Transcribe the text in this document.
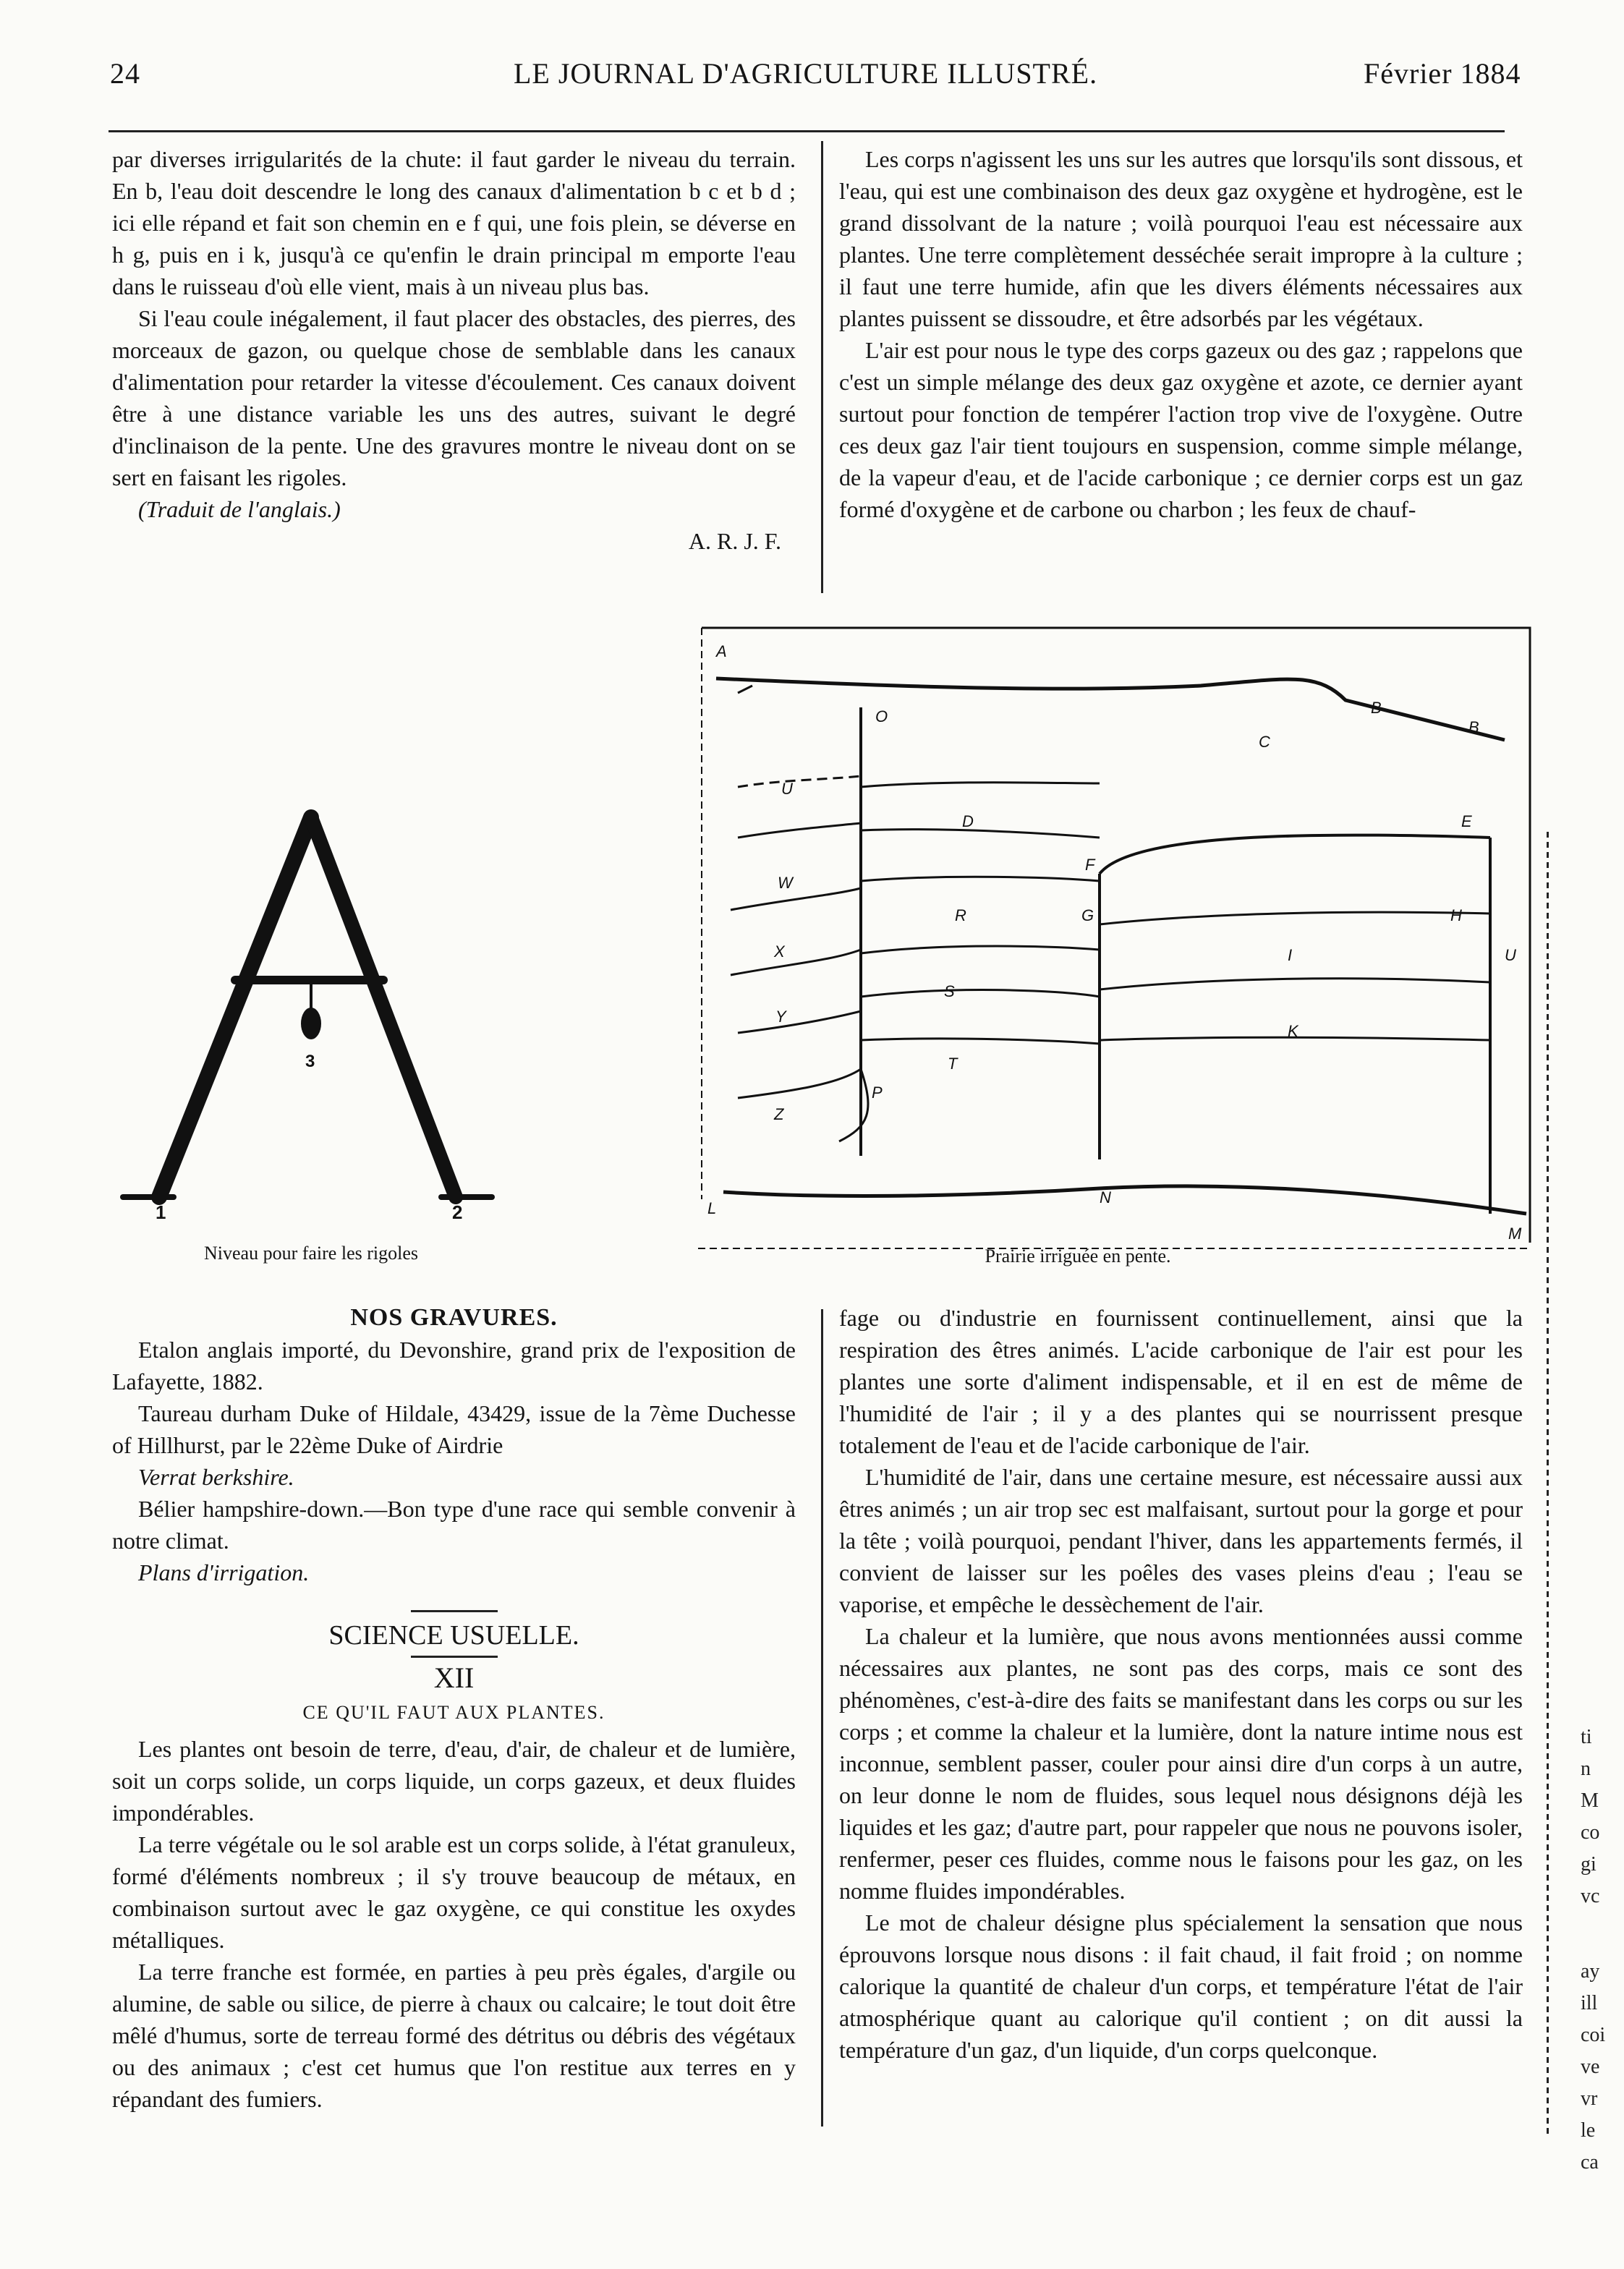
24	LE JOURNAL D'AGRICULTURE ILLUSTRÉ.	Février 1884

par diverses irrigularités de la chute: il faut garder le niveau du terrain. En b, l'eau doit descendre le long des canaux d'alimentation b c et b d ; ici elle répand et fait son chemin en e f qui, une fois plein, se déverse en h g, puis en i k, jusqu'à ce qu'enfin le drain principal m emporte l'eau dans le ruisseau d'où elle vient, mais à un niveau plus bas.

Si l'eau coule inégalement, il faut placer des obstacles, des pierres, des morceaux de gazon, ou quelque chose de semblable dans les canaux d'alimentation pour retarder la vitesse d'écoulement. Ces canaux doivent être à une distance variable les uns des autres, suivant le degré d'inclinaison de la pente. Une des gravures montre le niveau dont on se sert en faisant les rigoles.

(Traduit de l'anglais.)

A. R. J. F.

Les corps n'agissent les uns sur les autres que lorsqu'ils sont dissous, et l'eau, qui est une combinaison des deux gaz oxygène et hydrogène, est le grand dissolvant de la nature ; voilà pourquoi l'eau est nécessaire aux plantes. Une terre complètement desséchée serait impropre à la culture ; il faut une terre humide, afin que les divers éléments nécessaires aux plantes puissent se dissoudre, et être adsorbés par les végétaux.

L'air est pour nous le type des corps gazeux ou des gaz ; rappelons que c'est un simple mélange des deux gaz oxygène et azote, ce dernier ayant surtout pour fonction de tempérer l'action trop vive de l'oxygène. Outre ces deux gaz l'air tient toujours en suspension, comme simple mélange, de la vapeur d'eau, et de l'acide carbonique ; ce dernier corps est un gaz formé d'oxygène et de carbone ou charbon ; les feux de chauf-

3
1	2
Niveau pour faire les rigoles
A
O	B
C
B
U
D	E
W
F
G
R	H
X
S
I	U
Y
T
K
P
L
Z
N
M
Prairie irriguée en pente.
NOS GRAVURES.

Etalon anglais importé, du Devonshire, grand prix de l'exposition de Lafayette, 1882.

Taureau durham Duke of Hildale, 43429, issue de la 7ème Duchesse of Hillhurst, par le 22ème Duke of Airdrie

Verrat berkshire.

Bélier hampshire-down.—Bon type d'une race qui semble convenir à notre climat.

Plans d'irrigation.

SCIENCE USUELLE.
XII
CE QU'IL FAUT AUX PLANTES.

Les plantes ont besoin de terre, d'eau, d'air, de chaleur et de lumière, soit un corps solide, un corps liquide, un corps gazeux, et deux fluides impondérables.

La terre végétale ou le sol arable est un corps solide, à l'état granuleux, formé d'éléments nombreux ; il s'y trouve beaucoup de métaux, en combinaison surtout avec le gaz oxygène, ce qui constitue les oxydes métalliques.

La terre franche est formée, en parties à peu près égales, d'argile ou alumine, de sable ou silice, de pierre à chaux ou calcaire; le tout doit être mêlé d'humus, sorte de terreau formé des détritus ou débris des végétaux ou des animaux ; c'est cet humus que l'on restitue aux terres en y répandant des fumiers.

fage ou d'industrie en fournissent continuellement, ainsi que la respiration des êtres animés. L'acide carbonique de l'air est pour les plantes une sorte d'aliment indispensable, et il en est de même de l'humidité de l'air ; il y a des plantes qui se nourrissent presque totalement de l'eau et de l'acide carbonique de l'air.

L'humidité de l'air, dans une certaine mesure, est nécessaire aussi aux êtres animés ; un air trop sec est malfaisant, surtout pour la gorge et pour la tête ; voilà pourquoi, pendant l'hiver, dans les appartements fermés, il convient de laisser sur les poêles des vases pleins d'eau ; l'eau se vaporise, et empêche le dessèchement de l'air.

La chaleur et la lumière, que nous avons mentionnées aussi comme nécessaires aux plantes, ne sont pas des corps, mais ce sont des phénomènes, c'est-à-dire des faits se manifestant dans les corps ou sur les corps ; et comme la chaleur et la lumière, dont la nature intime nous est inconnue, semblent passer, couler pour ainsi dire d'un corps à un autre, on leur donne le nom de fluides, sous lequel nous désignons déjà les liquides et les gaz; d'autre part, pour rappeler que nous ne pouvons isoler, renfermer, peser ces fluides, comme nous le faisons pour les gaz, on les nomme fluides impondérables.

Le mot de chaleur désigne plus spécialement la sensation que nous éprouvons lorsque nous disons : il fait chaud, il fait froid ; on nomme calorique la quantité de chaleur d'un corps, et température l'état de l'air atmosphérique quant au calorique qu'il contient ; on dit aussi la température d'un gaz, d'un liquide, d'un corps quelconque.

ti
n
M
co
gi
vc
ay
ill
coi
ve
vr
le
ca
